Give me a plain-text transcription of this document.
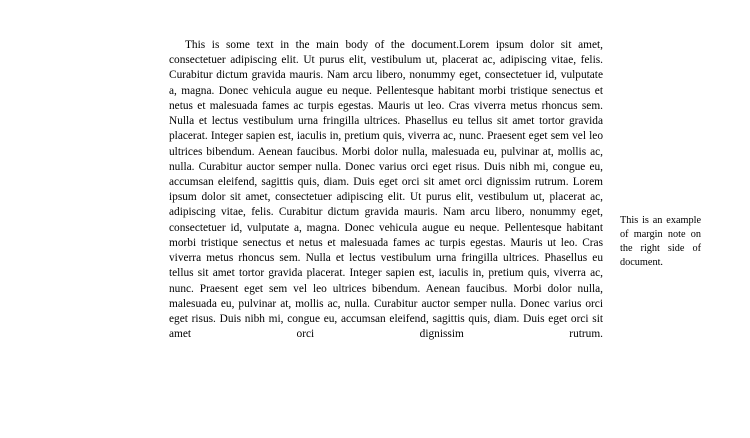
This is some text in the main body of the document.Lorem ipsum dolor sit amet, consectetuer adipiscing elit. Ut purus elit, vestibulum ut, placerat ac, adipiscing vitae, felis. Curabitur dictum gravida mauris. Nam arcu libero, nonummy eget, consectetuer id, vulputate a, magna. Donec vehicula augue eu neque. Pellentesque habitant morbi tristique senectus et netus et malesuada fames ac turpis egestas. Mauris ut leo. Cras viverra metus rhoncus sem. Nulla et lectus vestibulum urna fringilla ultrices. Phasellus eu tellus sit amet tortor gravida placerat. Integer sapien est, iaculis in, pretium quis, viverra ac, nunc. Praesent eget sem vel leo ultrices bibendum. Aenean faucibus. Morbi dolor nulla, malesuada eu, pulvinar at, mollis ac, nulla. Curabitur auctor semper nulla. Donec varius orci eget risus. Duis nibh mi, congue eu, accumsan eleifend, sagittis quis, diam. Duis eget orci sit amet orci dignissim rutrum. Lorem ipsum dolor sit amet, consectetuer adipiscing elit. Ut purus elit, vestibulum ut, placerat ac, adipiscing vitae, felis. Curabitur dictum gravida mauris. Nam arcu libero, nonummy eget, consectetuer id, vulputate a, magna. Donec vehicula augue eu neque. Pellentesque habitant morbi tristique senectus et netus et malesuada fames ac turpis egestas. Mauris ut leo. Cras viverra metus rhoncus sem. Nulla et lectus vestibulum urna fringilla ultrices. Phasellus eu tellus sit amet tortor gravida placerat. Integer sapien est, iaculis in, pretium quis, viverra ac, nunc. Praesent eget sem vel leo ultrices bibendum. Aenean faucibus. Morbi dolor nulla, malesuada eu, pulvinar at, mollis ac, nulla. Curabitur auctor semper nulla. Donec varius orci eget risus. Duis nibh mi, congue eu, accumsan eleifend, sagittis quis, diam. Duis eget orci sit amet orci dignissim rutrum.

This is an example of margin note on the right side of document.
